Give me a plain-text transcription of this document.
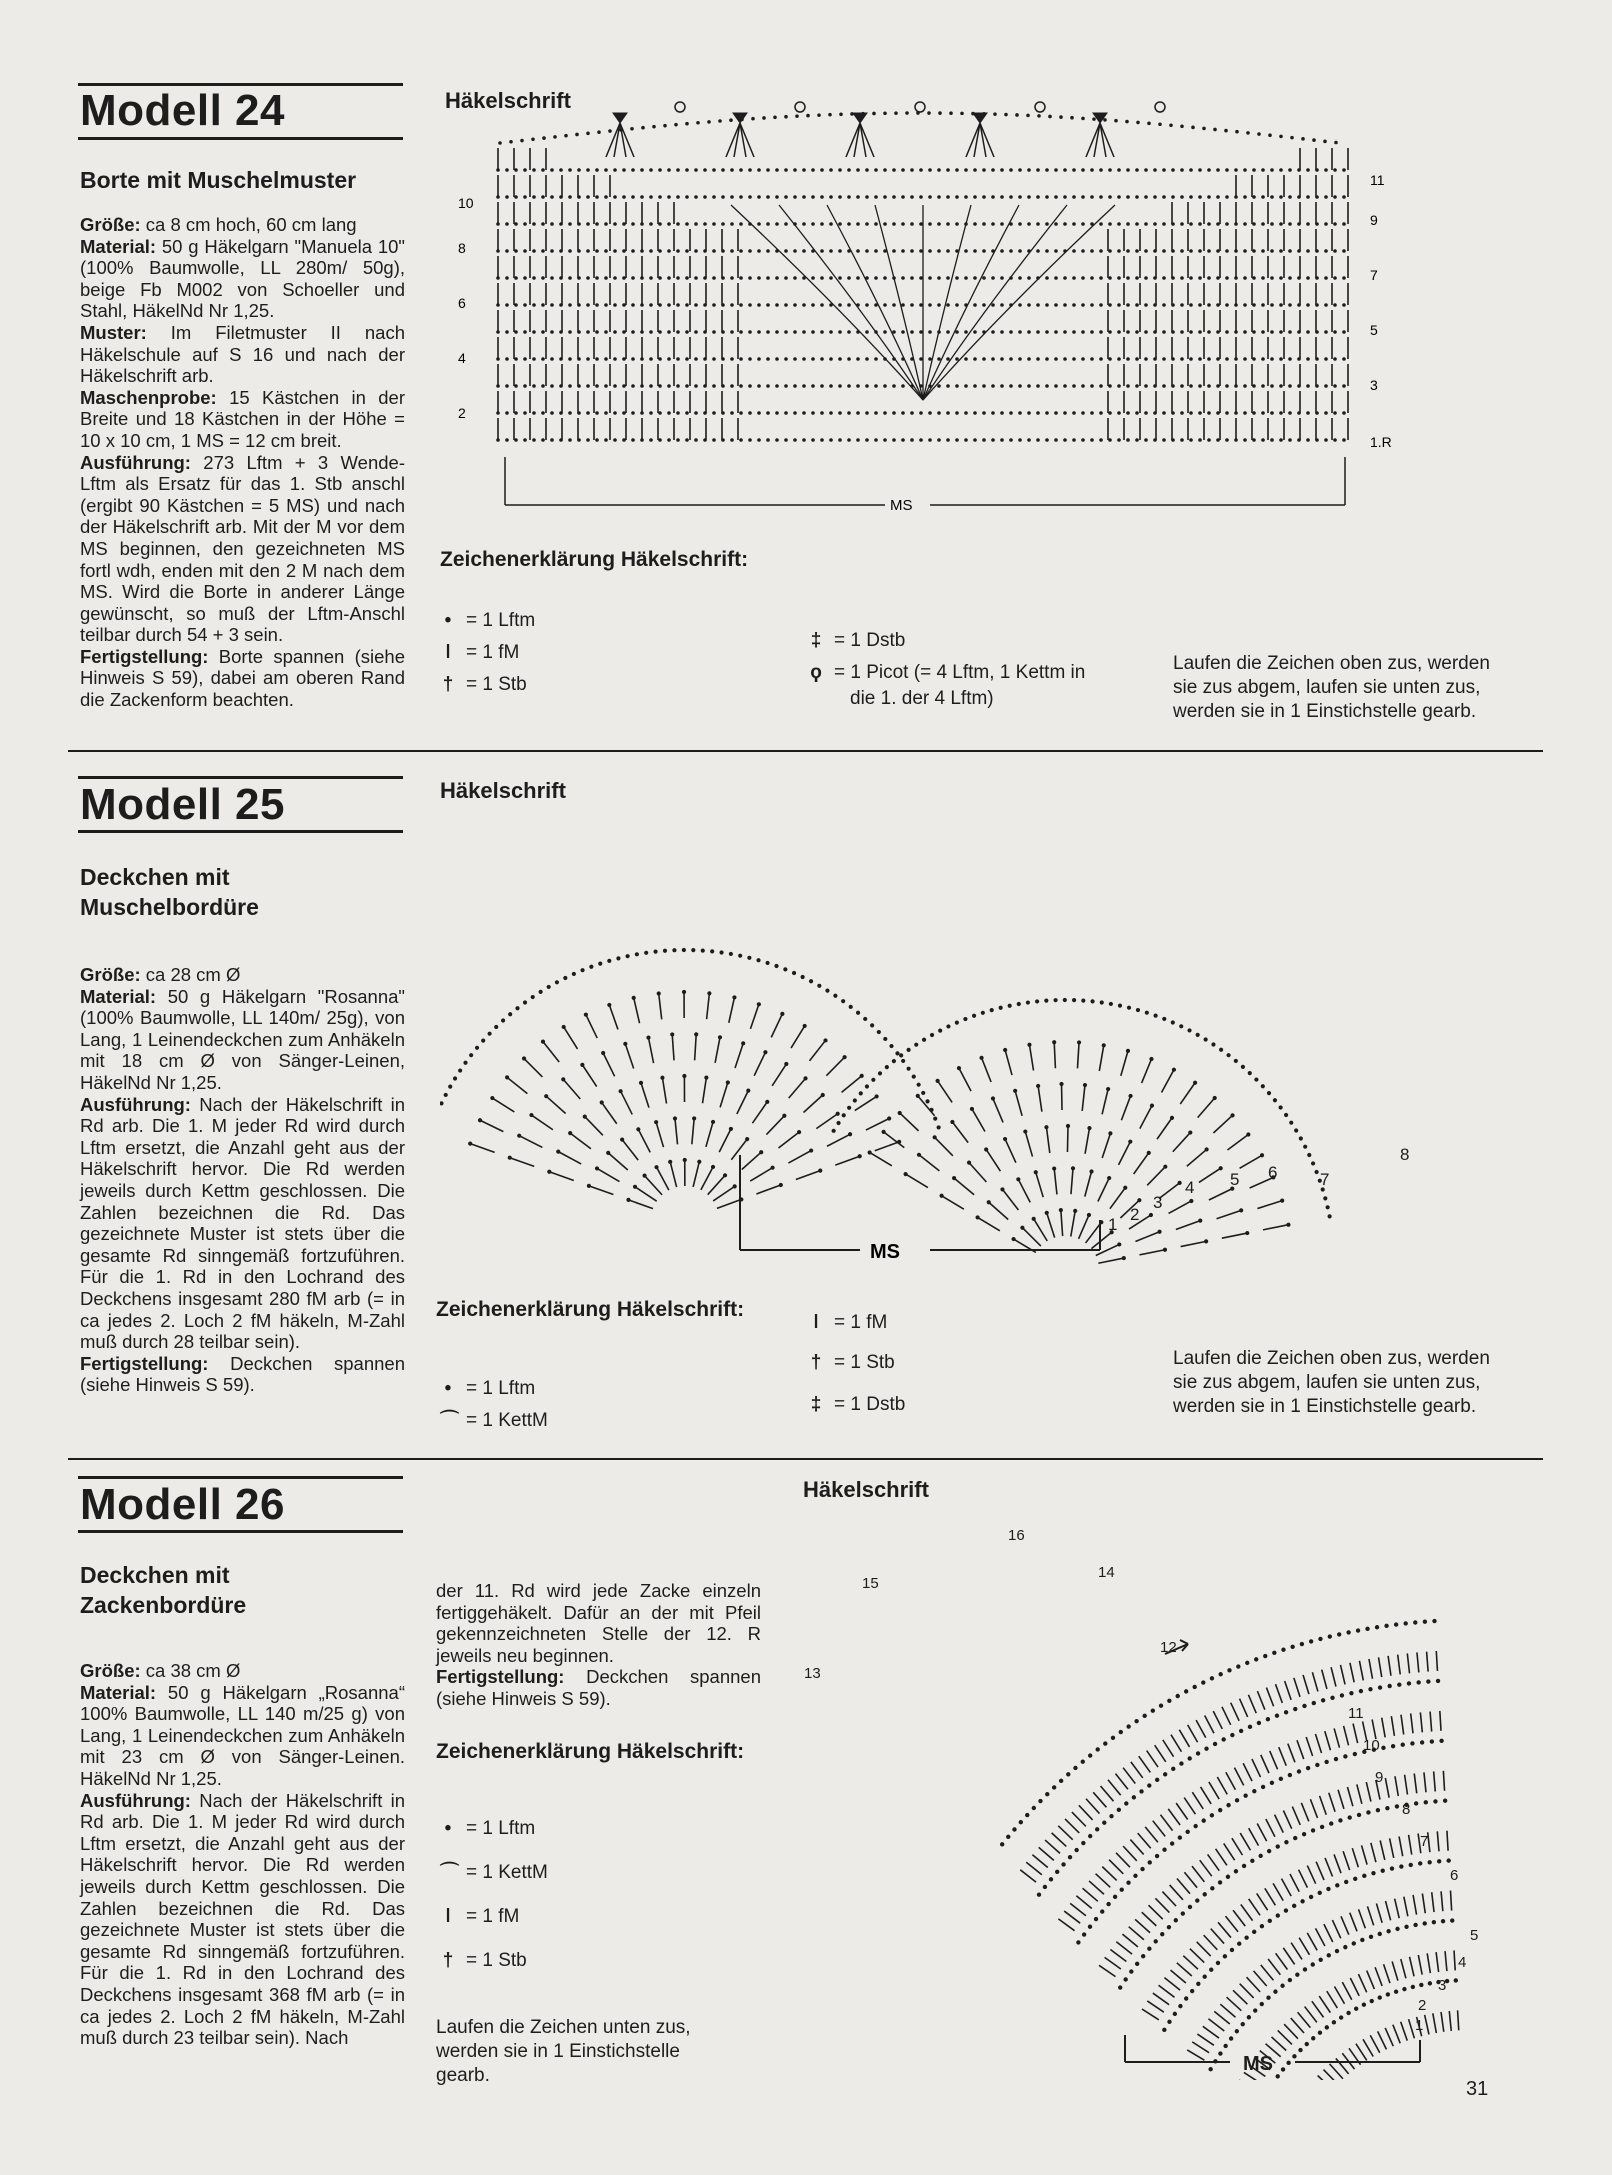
Modell 24
Borte mit Muschelmuster
Größe: ca 8 cm hoch, 60 cm lang
Material: 50 g Häkelgarn "Manuela 10" (100% Baumwolle, LL 280m/ 50g), beige Fb M002 von Schoeller und Stahl, HäkelNd Nr 1,25.
Muster: Im Filetmuster II nach Häkelschule auf S 16 und nach der Häkelschrift arb.
Maschenprobe: 15 Kästchen in der Breite und 18 Kästchen in der Höhe = 10 x 10 cm, 1 MS = 12 cm breit.
Ausführung: 273 Lftm + 3 Wende-Lftm als Ersatz für das 1. Stb anschl (ergibt 90 Kästchen = 5 MS) und nach der Häkelschrift arb. Mit der M vor dem MS beginnen, den gezeichneten MS fortl wdh, enden mit den 2 M nach dem MS. Wird die Borte in anderer Länge gewünscht, so muß der Lftm-Anschl teilbar durch 54 + 3 sein.
Fertigstellung: Borte spannen (siehe Hinweis S 59), dabei am oberen Rand die Zackenform beachten.
Häkelschrift
10
8
6
4
2
11
9
7
5
3
1.R
MS
Zeichenerklärung Häkelschrift:
• = 1 Lftm
ǀ = 1 fM
† = 1 Stb
‡ = 1 Dstb
ϙ = 1 Picot (= 4 Lftm, 1 Kettm in
die 1. der 4 Lftm)
Laufen die Zeichen oben zus, werden sie zus abgem, laufen sie unten zus, werden sie in 1 Einstichstelle gearb.
Modell 25
Deckchen mit
Muschelbordüre
Größe: ca 28 cm Ø
Material: 50 g Häkelgarn "Rosanna" (100% Baumwolle, LL 140m/ 25g), von Lang, 1 Leinendeckchen zum Anhäkeln mit 18 cm Ø von Sänger-Leinen, HäkelNd Nr 1,25.
Ausführung: Nach der Häkelschrift in Rd arb. Die 1. M jeder Rd wird durch Lftm ersetzt, die Anzahl geht aus der Häkelschrift hervor. Die Rd werden jeweils durch Kettm geschlossen. Die Zahlen bezeichnen die Rd. Das gezeichnete Muster ist stets über die gesamte Rd sinngemäß fortzuführen. Für die 1. Rd in den Lochrand des Deckchens insgesamt 280 fM arb (= in ca jedes 2. Loch 2 fM häkeln, M-Zahl muß durch 28 teilbar sein).
Fertigstellung: Deckchen spannen (siehe Hinweis S 59).
Häkelschrift
MS
1
2
3
4 5 6	7
8
Zeichenerklärung Häkelschrift:
• = 1 Lftm
⌒ = 1 KettM
ǀ = 1 fM
† = 1 Stb
‡ = 1 Dstb
Laufen die Zeichen oben zus, werden sie zus abgem, laufen sie unten zus, werden sie in 1 Einstichstelle gearb.
Modell 26
Deckchen mit
Zackenbordüre
Größe: ca 38 cm Ø
Material: 50 g Häkelgarn „Rosanna“ 100% Baumwolle, LL 140 m/25 g) von Lang, 1 Leinendeckchen zum Anhäkeln mit 23 cm Ø von Sänger-Leinen. HäkelNd Nr 1,25.
Ausführung: Nach der Häkelschrift in Rd arb. Die 1. M jeder Rd wird durch Lftm ersetzt, die Anzahl geht aus der Häkelschrift hervor. Die Rd werden jeweils durch Kettm geschlossen. Die Zahlen bezeichnen die Rd. Das gezeichnete Muster ist stets über die gesamte Rd sinngemäß fortzuführen. Für die 1. Rd in den Lochrand des Deckchens insgesamt 368 fM arb (= in ca jedes 2. Loch 2 fM häkeln, M-Zahl muß durch 23 teilbar sein). Nach
der 11. Rd wird jede Zacke einzeln fertiggehäkelt. Dafür an der mit Pfeil gekennzeichneten Stelle der 12. R jeweils neu beginnen.
Fertigstellung: Deckchen spannen (siehe Hinweis S 59).
Zeichenerklärung Häkelschrift:
• = 1 Lftm
⌒ = 1 KettM
ǀ = 1 fM
† = 1 Stb
Laufen die Zeichen unten zus, werden sie in 1 Einstichstelle gearb.
Häkelschrift
MS
1
2
3
4
5
6
7
8
9
10
11
12
13
14
15
16
31
